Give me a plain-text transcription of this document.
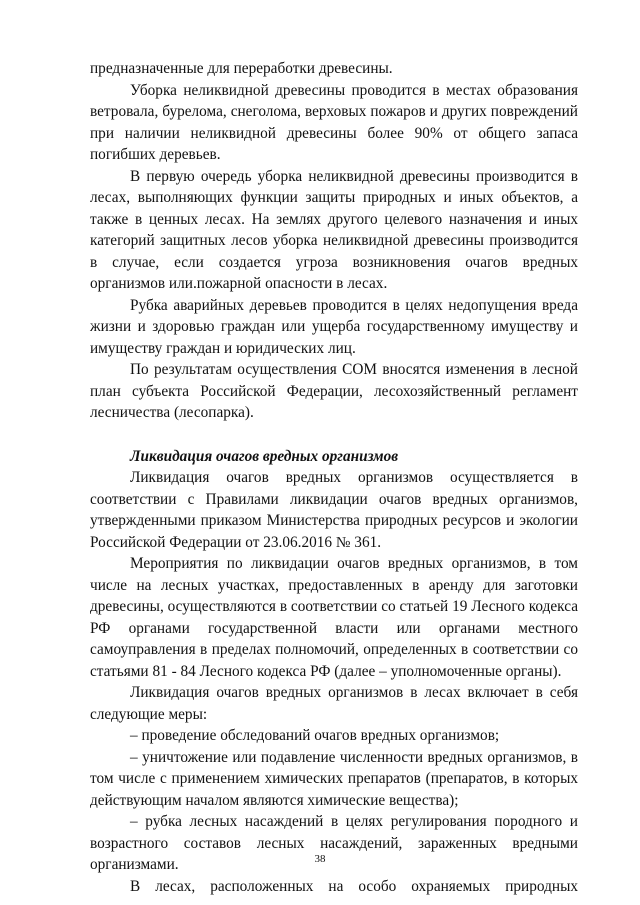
предназначенные для переработки древесины.

Уборка неликвидной древесины проводится в местах образования ветровала, бурелома, снеголома, верховых пожаров и других повреждений при наличии неликвидной древесины более 90% от общего запаса погибших деревьев.

В первую очередь уборка неликвидной древесины производится в лесах, выполняющих функции защиты природных и иных объектов, а также в ценных лесах. На землях другого целевого назначения и иных категорий защитных лесов уборка неликвидной древесины производится в случае, если создается угроза возникновения очагов вредных организмов или.пожарной опасности в лесах.

Рубка аварийных деревьев проводится в целях недопущения вреда жизни и здоровью граждан или ущерба государственному имуществу и имуществу граждан и юридических лиц.

По результатам осуществления СОМ вносятся изменения в лесной план субъекта Российской Федерации, лесохозяйственный регламент лесничества (лесопарка).

Ликвидация очагов вредных организмов

Ликвидация очагов вредных организмов осуществляется в соответствии с Правилами ликвидации очагов вредных организмов, утвержденными приказом Министерства природных ресурсов и экологии Российской Федерации от 23.06.2016 № 361.

Мероприятия по ликвидации очагов вредных организмов, в том числе на лесных участках, предоставленных в аренду для заготовки древесины, осуществляются в соответствии со статьей 19 Лесного кодекса РФ органами государственной власти или органами местного самоуправления в пределах полномочий, определенных в соответствии со статьями 81 - 84 Лесного кодекса РФ (далее – уполномоченные органы).

Ликвидация очагов вредных организмов в лесах включает в себя следующие меры:

– проведение обследований очагов вредных организмов;

– уничтожение или подавление численности вредных организмов, в том числе с применением химических препаратов (препаратов, в которых действующим началом являются химические вещества);

– рубка лесных насаждений в целях регулирования породного и возрастного составов лесных насаждений, зараженных вредными организмами.

В лесах, расположенных на особо охраняемых природных

38
